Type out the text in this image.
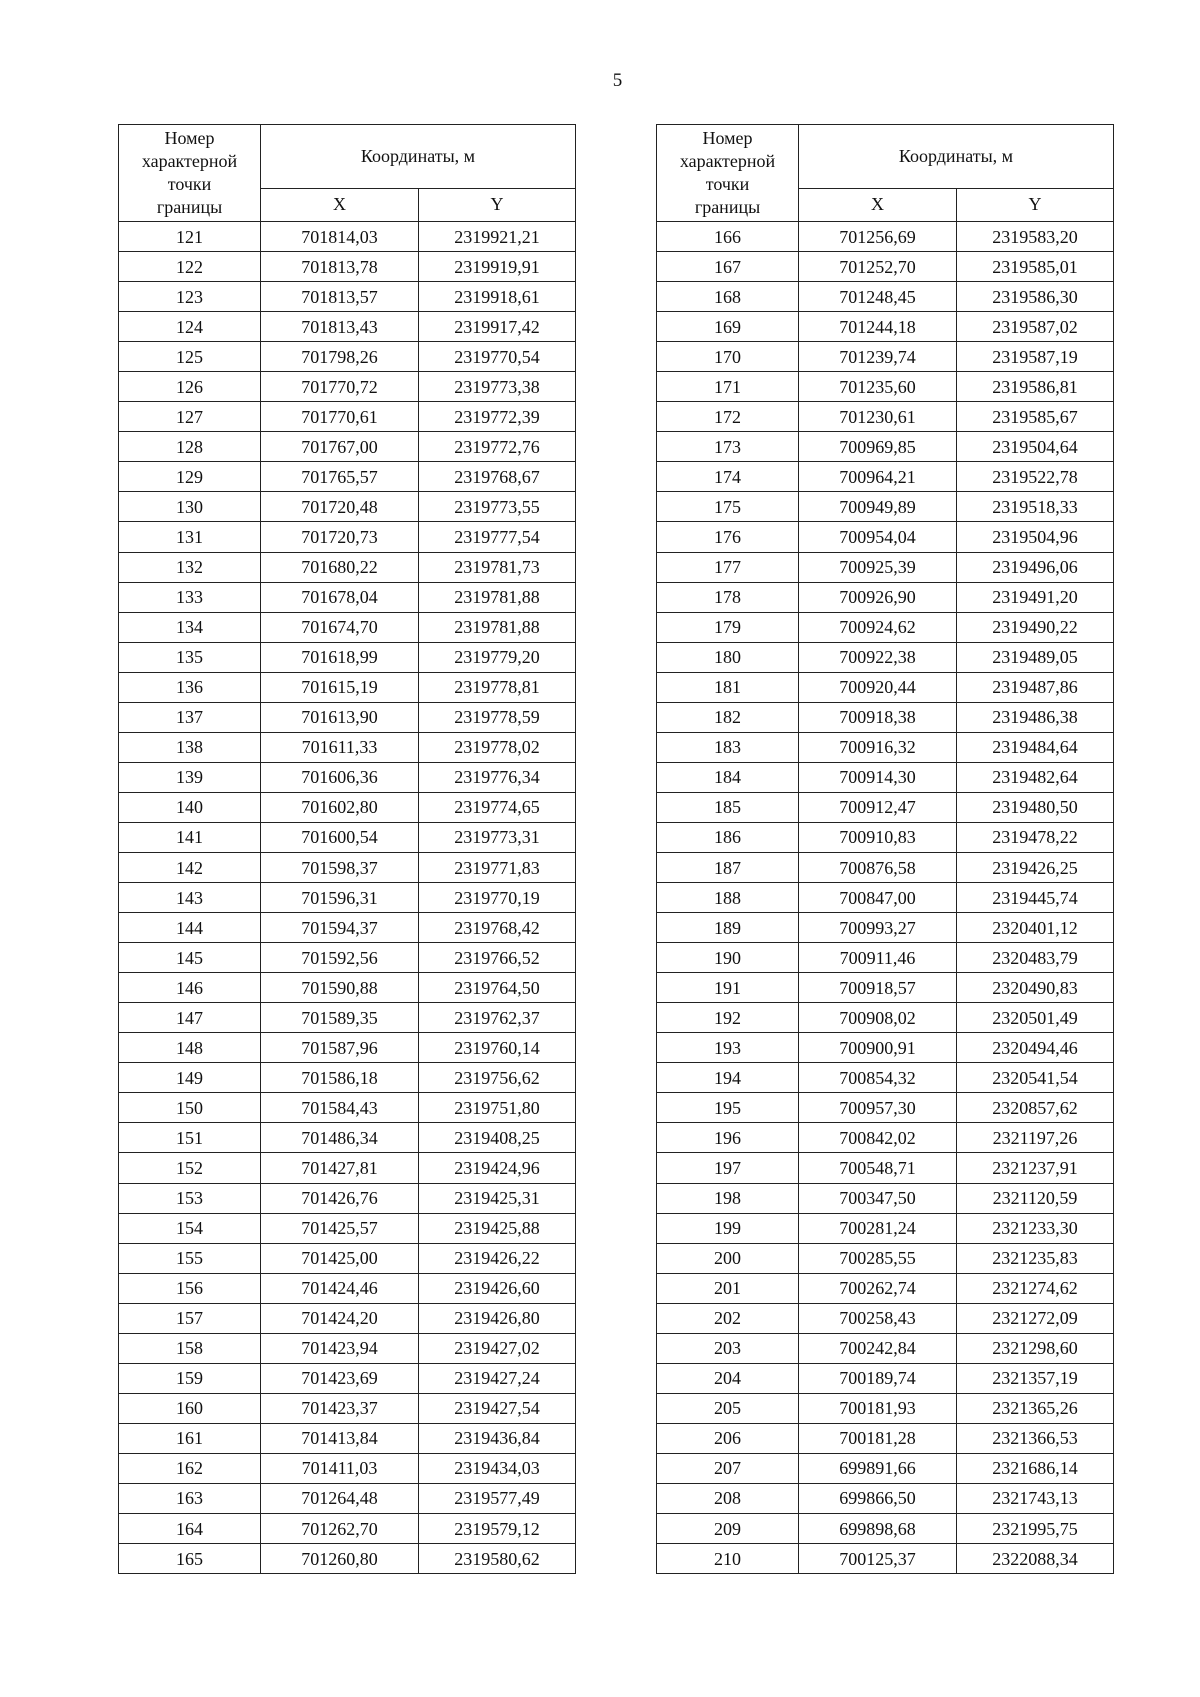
5
Номер
характерной
точки
границы	Координаты, м	
	X	Y
121	701814,03	2319921,21
122	701813,78	2319919,91
123	701813,57	2319918,61
124	701813,43	2319917,42
125	701798,26	2319770,54
126	701770,72	2319773,38
127	701770,61	2319772,39
128	701767,00	2319772,76
129	701765,57	2319768,67
130	701720,48	2319773,55
131	701720,73	2319777,54
132	701680,22	2319781,73
133	701678,04	2319781,88
134	701674,70	2319781,88
135	701618,99	2319779,20
136	701615,19	2319778,81
137	701613,90	2319778,59
138	701611,33	2319778,02
139	701606,36	2319776,34
140	701602,80	2319774,65
141	701600,54	2319773,31
142	701598,37	2319771,83
143	701596,31	2319770,19
144	701594,37	2319768,42
145	701592,56	2319766,52
146	701590,88	2319764,50
147	701589,35	2319762,37
148	701587,96	2319760,14
149	701586,18	2319756,62
150	701584,43	2319751,80
151	701486,34	2319408,25
152	701427,81	2319424,96
153	701426,76	2319425,31
154	701425,57	2319425,88
155	701425,00	2319426,22
156	701424,46	2319426,60
157	701424,20	2319426,80
158	701423,94	2319427,02
159	701423,69	2319427,24
160	701423,37	2319427,54
161	701413,84	2319436,84
162	701411,03	2319434,03
163	701264,48	2319577,49
164	701262,70	2319579,12
165	701260,80	2319580,62
Номер
характерной
точки
границы	Координаты, м	
	X	Y
166	701256,69	2319583,20
167	701252,70	2319585,01
168	701248,45	2319586,30
169	701244,18	2319587,02
170	701239,74	2319587,19
171	701235,60	2319586,81
172	701230,61	2319585,67
173	700969,85	2319504,64
174	700964,21	2319522,78
175	700949,89	2319518,33
176	700954,04	2319504,96
177	700925,39	2319496,06
178	700926,90	2319491,20
179	700924,62	2319490,22
180	700922,38	2319489,05
181	700920,44	2319487,86
182	700918,38	2319486,38
183	700916,32	2319484,64
184	700914,30	2319482,64
185	700912,47	2319480,50
186	700910,83	2319478,22
187	700876,58	2319426,25
188	700847,00	2319445,74
189	700993,27	2320401,12
190	700911,46	2320483,79
191	700918,57	2320490,83
192	700908,02	2320501,49
193	700900,91	2320494,46
194	700854,32	2320541,54
195	700957,30	2320857,62
196	700842,02	2321197,26
197	700548,71	2321237,91
198	700347,50	2321120,59
199	700281,24	2321233,30
200	700285,55	2321235,83
201	700262,74	2321274,62
202	700258,43	2321272,09
203	700242,84	2321298,60
204	700189,74	2321357,19
205	700181,93	2321365,26
206	700181,28	2321366,53
207	699891,66	2321686,14
208	699866,50	2321743,13
209	699898,68	2321995,75
210	700125,37	2322088,34
